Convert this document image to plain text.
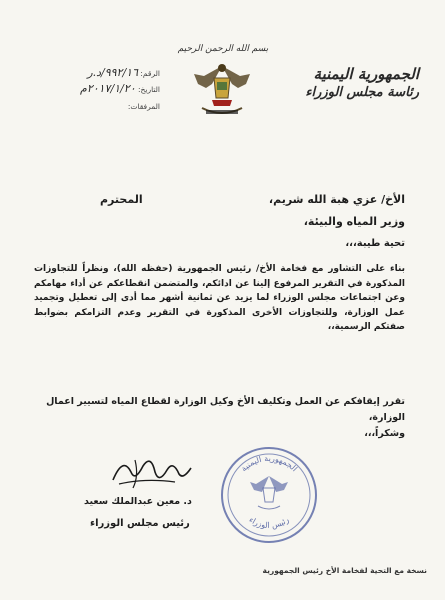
بسم الله الرحمن الرحيم
الجمهورية اليمنية
رئاسة مجلس الوزراء
الرقم: ٩٩٢/١٦/د.ر
التاريخ: ٢٠١٧/١/٢٠م
المرفقات:
الأخ/ عزي هبة الله شريم،
المحترم
وزير المياه والبيئة،
تحية طيبة،،،

بناء على التشاور مع فخامة الأخ/ رئيس الجمهورية (حفظه الله)، ونظراً للتجاوزات المذكورة في التقرير المرفوع إلينا عن ادائكم، والمتضمن انقطاعكم عن أداء مهامكم وعن اجتماعات مجلس الوزراء لما يزيد عن ثمانية أشهر مما أدى إلى تعطيل وتجميد عمل الوزارة، وللتجاوزات الأخرى المذكورة في التقرير وعدم التزامكم بضوابط صفتكم الرسمية،،

تقرر إيقافكم عن العمل وتكليف الأخ وكيل الوزارة لقطاع المياه لتسيير اعمال الوزارة،
وشكراً،،،
د. معين عبدالملك سعيد
رئيس مجلس الوزراء
الجمهورية اليمنية
رئيس الوزراء
نسخة مع التحية لفخامة الأخ رئيس الجمهورية
